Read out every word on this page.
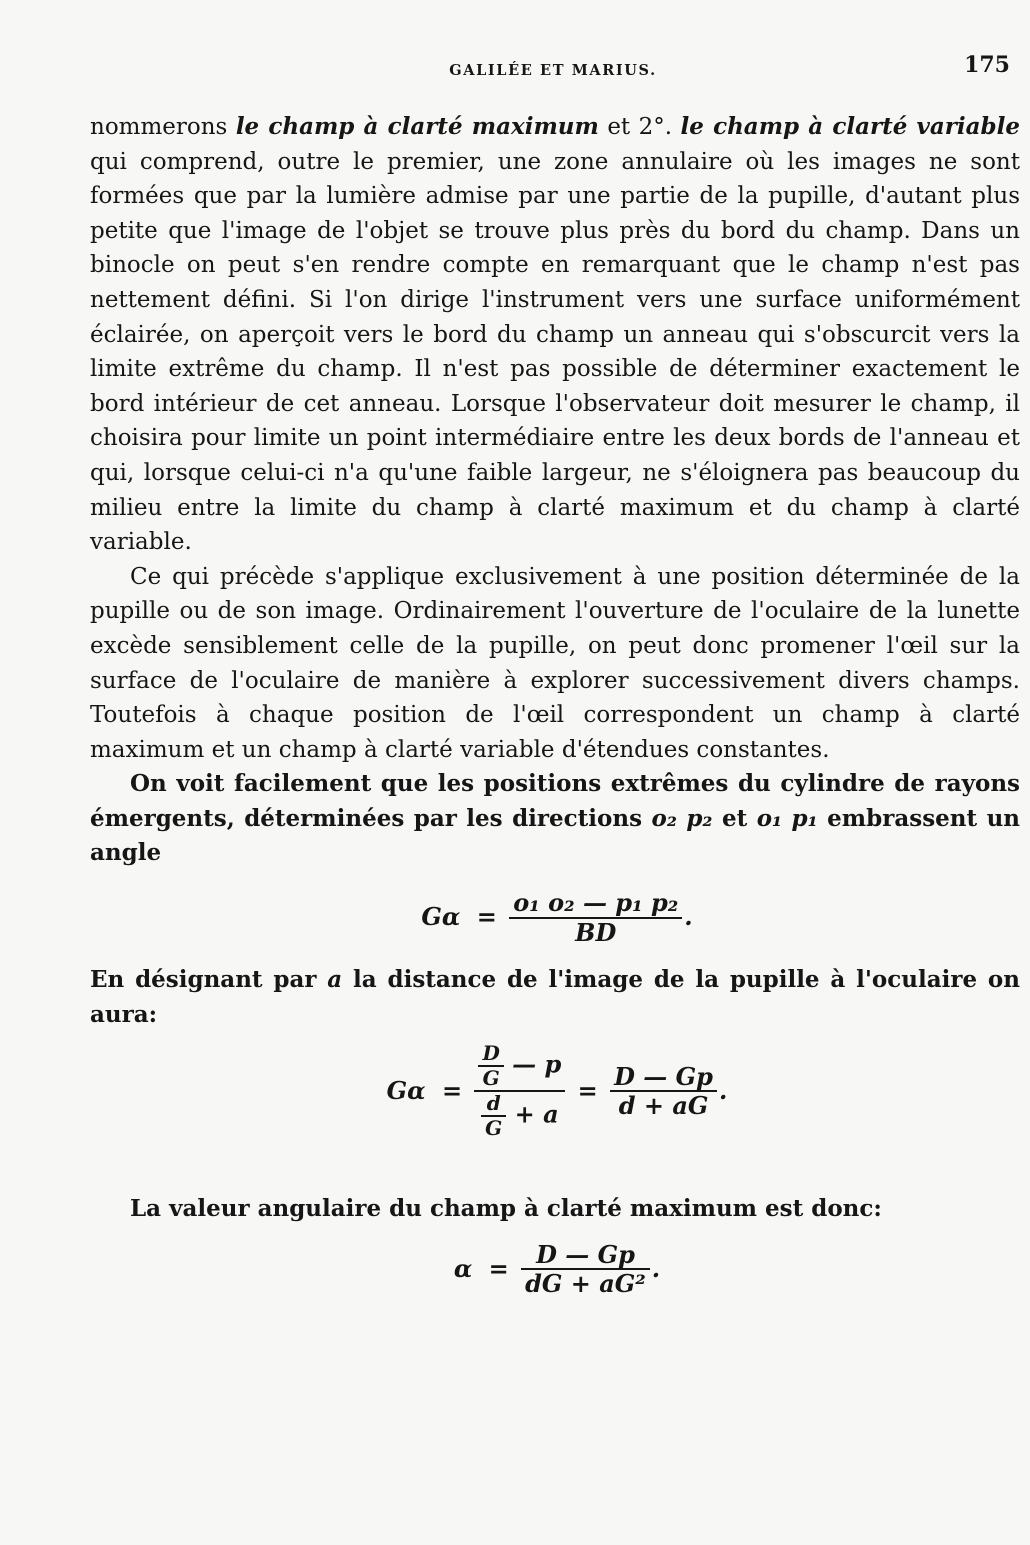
GALILÉE ET MARIUS.	175

nommerons le champ à clarté maximum et 2°. le champ à clarté variable qui comprend, outre le premier, une zone annulaire où les images ne sont formées que par la lumière admise par une partie de la pupille, d'autant plus petite que l'image de l'objet se trouve plus près du bord du champ. Dans un binocle on peut s'en rendre compte en remarquant que le champ n'est pas nettement défini. Si l'on dirige l'instrument vers une surface uniformément éclairée, on aperçoit vers le bord du champ un anneau qui s'obscurcit vers la limite extrême du champ. Il n'est pas possible de déterminer exactement le bord intérieur de cet anneau. Lorsque l'observateur doit mesurer le champ, il choisira pour limite un point intermédiaire entre les deux bords de l'anneau et qui, lorsque celui-ci n'a qu'une faible largeur, ne s'éloignera pas beaucoup du milieu entre la limite du champ à clarté maximum et du champ à clarté variable.

Ce qui précède s'applique exclusivement à une position déterminée de la pupille ou de son image. Ordinairement l'ouverture de l'oculaire de la lunette excède sensiblement celle de la pupille, on peut donc promener l'œil sur la surface de l'oculaire de manière à explorer successivement divers champs. Toutefois à chaque position de l'œil correspondent un champ à clarté maximum et un champ à clarté variable d'étendues constantes.

On voit facilement que les positions extrêmes du cylindre de rayons émergents, déterminées par les directions o₂ p₂ et o₁ p₁ embrassent un angle

$G\alpha = \frac{\text{o₁ o₂ — p₁ p₂}}{BD}$ .

En désignant par a la distance de l'image de la pupille à l'oculaire on aura:

$G\alpha = \frac{\frac{D}{G} — p}{\frac{d}{G} + a} = \frac{D — Gp}{d + aG}$ .

La valeur angulaire du champ à clarté maximum est donc:

$\alpha = \frac{D — Gp}{\text{dG + aG²}}$ .
